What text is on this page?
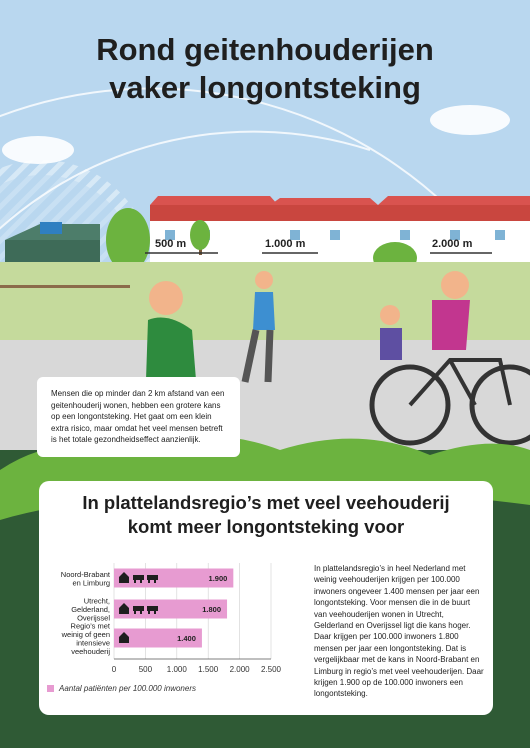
Rond geitenhouderijen
vaker longontsteking
500 m	1.000 m	2.000 m
Mensen die op minder dan 2 km afstand van een geitenhouderij wonen, hebben een grotere kans op een longontsteking. Het gaat om een klein extra risico, maar omdat het veel mensen betreft is het totale gezondheidseffect aanzienlijk.
In plattelandsregio’s met veel veehouderij
komt meer longontsteking voor
0	500 1.000 1.500 2.000 2.500
1.900
Noord-Brabant
en Limburg
1.800
Utrecht,
Gelderland,
Overijssel
1.400
Regio’s met
weinig of geen
intensieve
veehouderij
Aantal patiënten per 100.000 inwoners
In plattelandsregio’s in heel Nederland met weinig veehouderijen krijgen per 100.000 inwoners ongeveer 1.400 mensen per jaar een longontsteking. Voor mensen die in de buurt van veehouderijen wonen in Utrecht, Gelderland en Overijssel ligt die kans hoger. Daar krijgen per 100.000 inwoners 1.800 mensen per jaar een longontsteking. Dat is vergelijkbaar met de kans in Noord-Brabant en Limburg in regio’s met veel veehouderijen. Daar krijgen 1.900 op de 100.000 inwoners een longontsteking.
